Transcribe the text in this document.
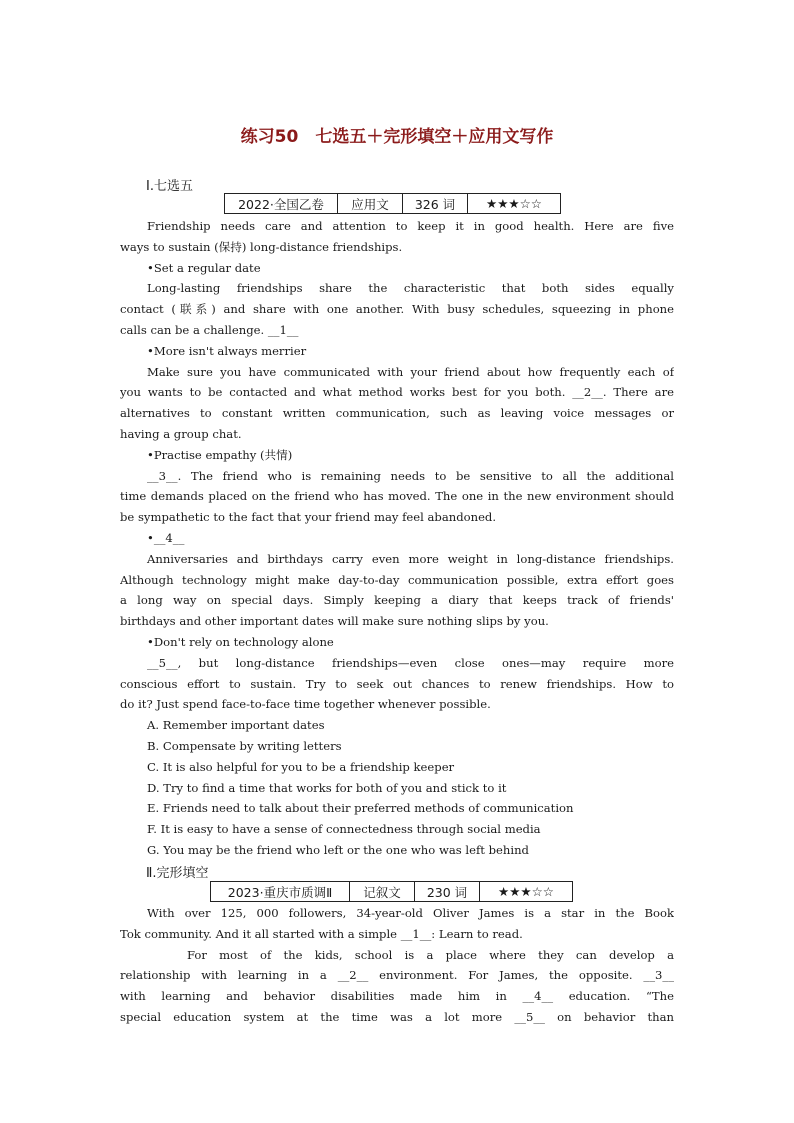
练习50　七选五＋完形填空＋应用文写作
Ⅰ.七选五
2022·全国乙卷	应用文	326 词	★★★☆☆

Friendship needs care and attention to keep it in good health. Here are five

ways to sustain (保持) long-distance friendships.

•Set a regular date

Long-lasting friendships share the characteristic that both sides equally

contact (联系) and share with one another. With busy schedules, squeezing in phone

calls can be a challenge. __1__

•More isn't always merrier

Make sure you have communicated with your friend about how frequently each of

you wants to be contacted and what method works best for you both. __2__. There are

alternatives to constant written communication, such as leaving voice messages or

having a group chat.

•Practise empathy (共情)

__3__. The friend who is remaining needs to be sensitive to all the additional

time demands placed on the friend who has moved. The one in the new environment should

be sympathetic to the fact that your friend may feel abandoned.

•__4__

Anniversaries and birthdays carry even more weight in long-distance friendships.

Although technology might make day-to-day communication possible, extra effort goes

a long way on special days. Simply keeping a diary that keeps track of friends'

birthdays and other important dates will make sure nothing slips by you.

•Don't rely on technology alone

__5__, but long-distance friendships—even close ones—may require more

conscious effort to sustain. Try to seek out chances to renew friendships. How to

do it? Just spend face-to-face time together whenever possible.

A. Remember important dates

B. Compensate by writing letters

C. It is also helpful for you to be a friendship keeper

D. Try to find a time that works for both of you and stick to it

E. Friends need to talk about their preferred methods of communication

F. It is easy to have a sense of connectedness through social media

G. You may be the friend who left or the one who was left behind

Ⅱ.完形填空
2023·重庆市质调Ⅱ	记叙文	230 词	★★★☆☆

With over 125, 000 followers, 34-year-old Oliver James is a star in the Book

Tok community. And it all started with a simple __1__: Learn to read.

For most of the kids, school is a place where they can develop a

relationship with learning in a __2__ environment. For James, the opposite. __3__

with learning and behavior disabilities made him in __4__ education. “The

special education system at the time was a lot more __5__ on behavior than
